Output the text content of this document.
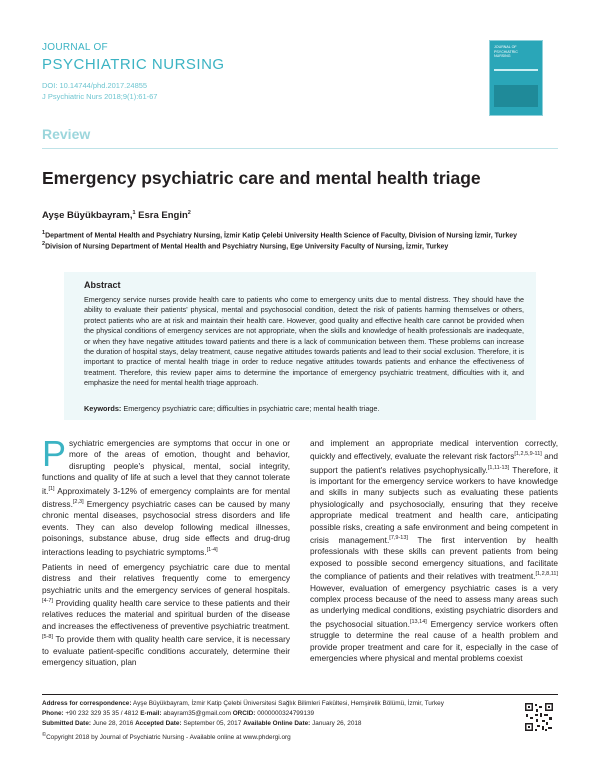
JOURNAL OF
PSYCHIATRIC NURSING
DOI: 10.14744/phd.2017.24855
J Psychiatric Nurs 2018;9(1):61-67
JOURNAL OF
PSYCHIATRIC
NURSING
Review
Emergency psychiatric care and mental health triage
Ayşe Büyükbayram,$^1$ Esra Engin$^2$
$^1$Department of Mental Health and Psychiatry Nursing, İzmir Katip Çelebi University Health Science of Faculty, Division of Nursing İzmir, Turkey
$^2$Division of Nursing Department of Mental Health and Psychiatry Nursing, Ege University Faculty of Nursing, İzmir, Turkey
Abstract
Emergency service nurses provide health care to patients who come to emergency units due to mental distress. They should have the ability to evaluate their patients' physical, mental and psychosocial condition, detect the risk of patients harming themselves or others, protect patients who are at risk and maintain their health care. However, good quality and effective health care cannot be provided when the physical conditions of emergency services are not appropriate, when the skills and knowledge of health professionals are inadequate, or when they have negative attitudes toward patients and there is a lack of communication between them. These problems can increase the duration of hospital stays, delay treatment, cause negative attitudes towards patients and lead to their social exclusion. Therefore, it is important to practice of mental health triage in order to reduce negative attitudes towards patients and enhance the effectiveness of treatment. Therefore, this review paper aims to determine the importance of emergency psychiatric treatment, difficulties with it, and emphasize the need for mental health triage approach.
Keywords: Emergency psychiatric care; difficulties in psychiatric care; mental health triage.

Psychiatric emergencies are symptoms that occur in one or more of the areas of emotion, thought and behavior, disrupting people's physical, mental, social integrity, functions and quality of life at such a level that they cannot tolerate it.[1] Approximately 3-12% of emergency complaints are for mental distress.[2,3] Emergency psychiatric cases can be caused by many chronic mental diseases, psychosocial stress disorders and life events. They can also develop following medical illnesses, poisonings, substance abuse, drug side effects and drug-drug interactions leading to psychiatric symptoms.[1-4]

Patients in need of emergency psychiatric care due to mental distress and their relatives frequently come to emergency psychiatric units and the emergency services of general hospitals.[4-7] Providing quality health care service to these patients and their relatives reduces the material and spiritual burden of the disease and increases the effectiveness of preventive psychiatric treatment.[5-8] To provide them with quality health care service, it is necessary to evaluate patient-specific conditions accurately, determine their emergency situation, plan

and implement an appropriate medical intervention correctly, quickly and effectively, evaluate the relevant risk factors[1,2,5,9-11] and support the patient's relatives psychophysically.[1,11-13] Therefore, it is important for the emergency service workers to have knowledge and skills in many subjects such as evaluating these patients physiologically and psychosocially, ensuring that they receive appropriate medical treatment and health care, anticipating possible risks, creating a safe environment and being competent in crisis management.[7,9-13] The first intervention by health professionals with these skills can prevent patients from being exposed to possible second emergency situations, and facilitate the compliance of patients and their relatives with treatment.[1,2,8,11] However, evaluation of emergency psychiatric cases is a very complex process because of the need to assess many areas such as underlying medical conditions, existing psychiatric disorders and the psychosocial situation.[13,14] Emergency service workers often struggle to determine the real cause of a health problem and provide proper treatment and care for it, especially in the case of emergencies where physical and mental problems coexist

Address for correspondence: Ayşe Büyükbayram, İzmir Katip Çelebi Üniversitesi Sağlık Bilimleri Fakültesi, Hemşirelik Bölümü, İzmir, Turkey
Phone: +90 232 329 35 35 / 4812 E-mail: abayram35@gmail.com ORCID: 0000000324799139
Submitted Date: June 28, 2016 Accepted Date: September 05, 2017 Available Online Date: January 26, 2018
©Copyright 2018 by Journal of Psychiatric Nursing - Available online at www.phdergi.org
